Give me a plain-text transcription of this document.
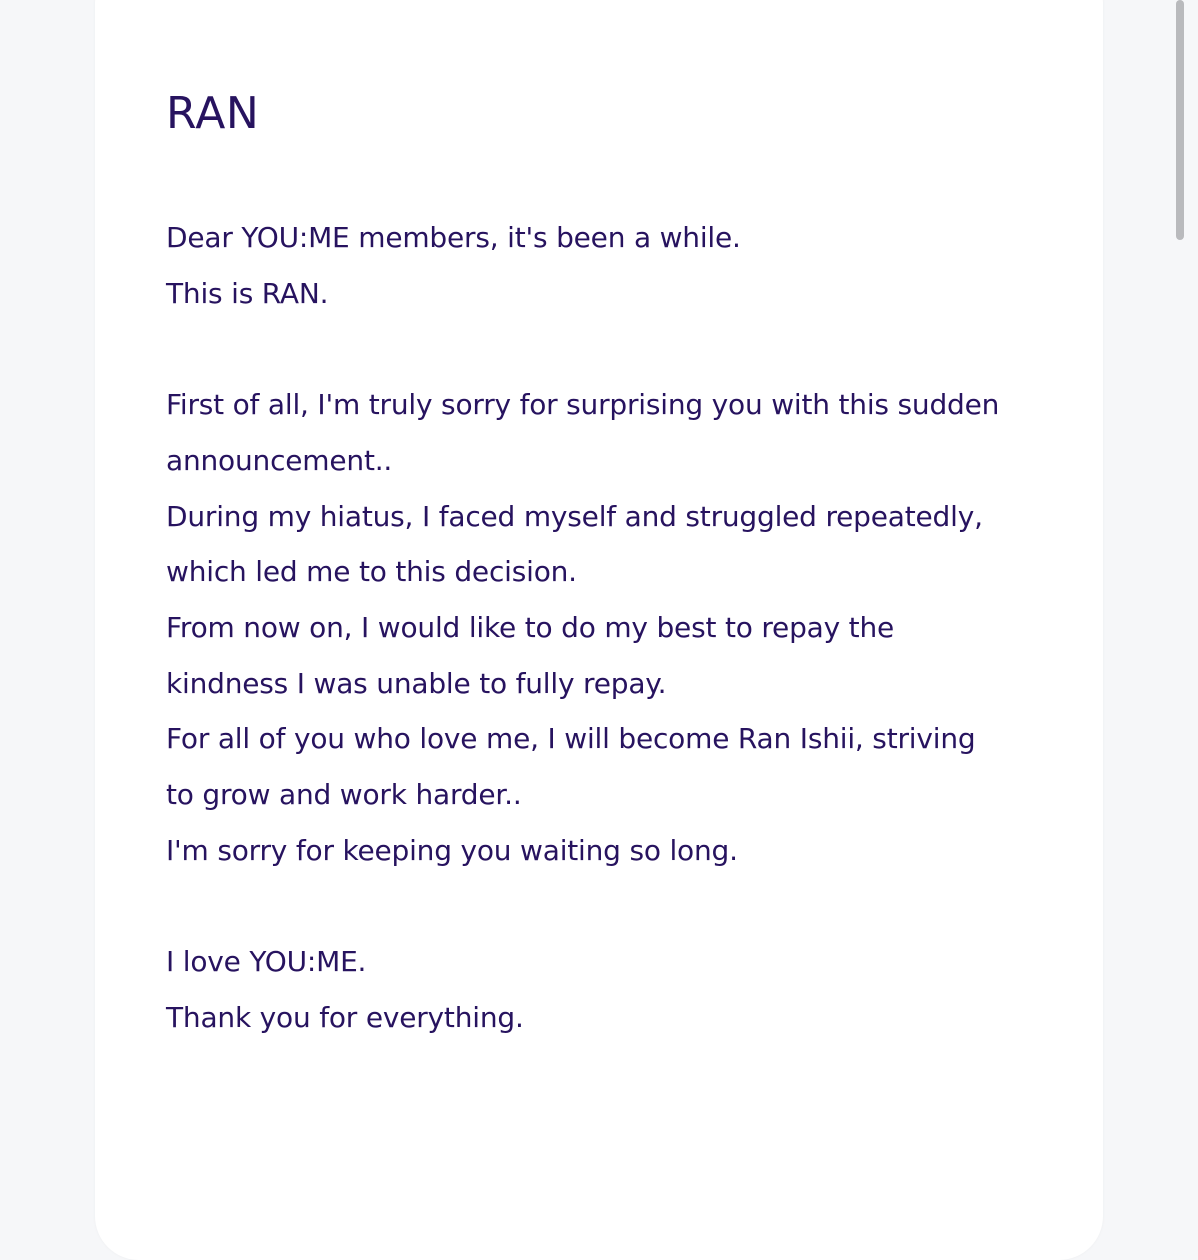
RAN
Dear YOU:ME members, it's been a while.
This is RAN.
First of all, I'm truly sorry for surprising you with this sudden
announcement..
During my hiatus, I faced myself and struggled repeatedly,
which led me to this decision.
From now on, I would like to do my best to repay the
kindness I was unable to fully repay.
For all of you who love me, I will become Ran Ishii, striving
to grow and work harder..
I'm sorry for keeping you waiting so long.
I love YOU:ME.
Thank you for everything.
